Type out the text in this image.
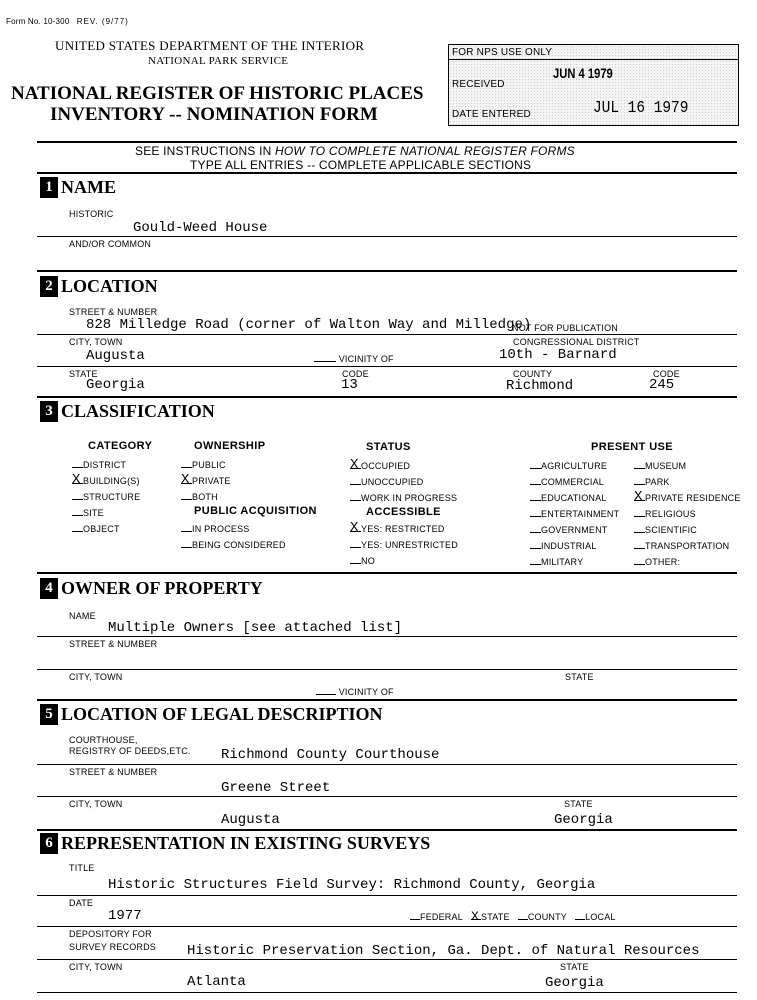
Form No. 10-300 REV. (9/77)
UNITED STATES DEPARTMENT OF THE INTERIOR
NATIONAL PARK SERVICE
NATIONAL REGISTER OF HISTORIC PLACES
INVENTORY -- NOMINATION FORM
FOR NPS USE ONLY
RECEIVED
JUN 4 1979
DATE ENTERED	JUL 16 1979
SEE INSTRUCTIONS IN HOW TO COMPLETE NATIONAL REGISTER FORMS
TYPE ALL ENTRIES -- COMPLETE APPLICABLE SECTIONS
1 NAME
HISTORIC
Gould-Weed House
AND/OR COMMON
2 LOCATION
STREET & NUMBER
828 Milledge Road (corner of Walton Way and Milledge)
NOT FOR PUBLICATION
CITY, TOWN	CONGRESSIONAL DISTRICT
Augusta	VICINITY OF	10th - Barnard
STATE	CODE	COUNTY	CODE
Georgia	13	Richmond	245
3 CLASSIFICATION
CATEGORY	OWNERSHIP	STATUS	PRESENT USE
PUBLIC ACQUISITION	ACCESSIBLE
DISTRICT
X BUILDING(S)
STRUCTURE
SITE
OBJECT
PUBLIC
X PRIVATE
BOTH
IN PROCESS
BEING CONSIDERED
X OCCUPIED
UNOCCUPIED
WORK IN PROGRESS
X YES: RESTRICTED
YES: UNRESTRICTED
NO
AGRICULTURE
COMMERCIAL
EDUCATIONAL
ENTERTAINMENT
GOVERNMENT
INDUSTRIAL
MILITARY
MUSEUM
PARK
X PRIVATE RESIDENCE
RELIGIOUS
SCIENTIFIC
TRANSPORTATION
OTHER:
4 OWNER OF PROPERTY
NAME
Multiple Owners [see attached list]
STREET & NUMBER
CITY, TOWN	STATE
VICINITY OF
5 LOCATION OF LEGAL DESCRIPTION
COURTHOUSE,
REGISTRY OF DEEDS,ETC. Richmond County Courthouse
STREET & NUMBER
Greene Street
CITY, TOWN	STATE
Augusta	Georgia
6 REPRESENTATION IN EXISTING SURVEYS
TITLE
Historic Structures Field Survey: Richmond County, Georgia
DATE
1977	FEDERAL X STATE COUNTY LOCAL
DEPOSITORY FOR
SURVEY RECORDS Historic Preservation Section, Ga. Dept. of Natural Resources
CITY, TOWN	STATE
Atlanta	Georgia
